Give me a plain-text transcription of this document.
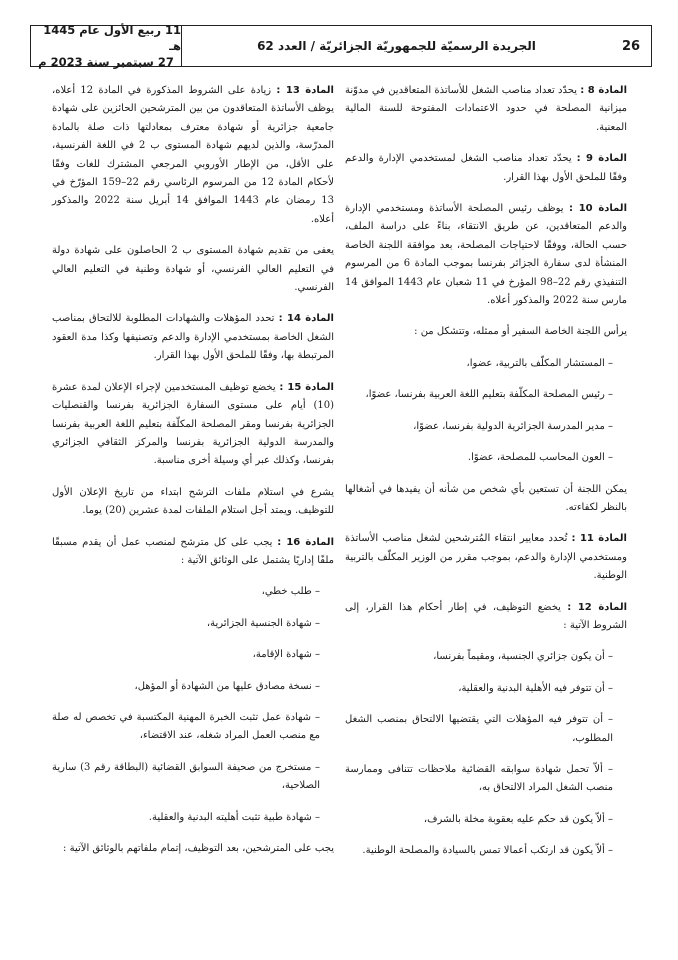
26
الجريدة الرسميّة للجمهوريّة الجزائريّة / العدد 62
11 ربيع الأول عام 1445 هـ
27 سبتمبر سنة 2023 م

المادة 8 : يحدّد تعداد مناصب الشغل للأساتذة المتعاقدين في مدوّنة ميزانية المصلحة في حدود الاعتمادات المفتوحة للسنة المالية المعنية.

المادة 9 : يحدّد تعداد مناصب الشغل لمستخدمي الإدارة والدعم وفقًا للملحق الأول بهذا القرار.

المادة 10 : يوظف رئيس المصلحة الأساتذة ومستخدمي الإدارة والدعم المتعاقدين، عن طريق الانتقاء، بناءً على دراسة الملف، حسب الحالة، ووفقًا لاحتياجات المصلحة، بعد موافقة اللجنة الخاصة المنشأة لدى سفارة الجزائر بفرنسا بموجب المادة 6 من المرسوم التنفيذي رقم 22–98 المؤرخ في 11 شعبان عام 1443 الموافق 14 مارس سنة 2022 والمذكور أعلاه.

يرأس اللجنة الخاصة السفير أو ممثله، وتتشكل من :

– المستشار المكلّف بالتربية، عضوا،

– رئيس المصلحة المكلّفة بتعليم اللغة العربية بفرنسا، عضوًا،

– مدير المدرسة الجزائرية الدولية بفرنسا، عضوًا،

– العون المحاسب للمصلحة، عضوًا.

يمكن اللجنة أن تستعين بأي شخص من شأنه أن يفيدها في أشغالها بالنظر لكفاءته.

المادة 11 : تُحدد معايير انتقاء المُترشحين لشغل مناصب الأساتذة ومستخدمي الإدارة والدعم، بموجب مقرر من الوزير المكلّف بالتربية الوطنية.

المادة 12 : يخضع التوظيف، في إطار أحكام هذا القرار، إلى الشروط الآتية :

– أن يكون جزائري الجنسية، ومقيماً بفرنسا،

– أن تتوفر فيه الأهلية البدنية والعقلية،

– أن تتوفر فيه المؤهلات التي يقتضيها الالتحاق بمنصب الشغل المطلوب،

– ألاّ تحمل شهادة سوابقه القضائية ملاحظات تتنافى وممارسة منصب الشغل المراد الالتحاق به،

– ألاّ يكون قد حكم عليه بعقوبة مخلة بالشرف،

– ألاّ يكون قد ارتكب أعمالا تمس بالسيادة والمصلحة الوطنية.

المادة 13 : زيادة على الشروط المذكورة في المادة 12 أعلاه، يوظف الأساتذة المتعاقدون من بين المترشحين الحائزين على شهادة جامعية جزائرية أو شهادة معترف بمعادلتها ذات صلة بالمادة المدرّسة، والذين لديهم شهادة المستوى ب 2 في اللغة الفرنسية، على الأقل، من الإطار الأوروبي المرجعي المشترك للغات وفقًا لأحكام المادة 12 من المرسوم الرئاسي رقم 22–159 المؤرّخ في 13 رمضان عام 1443 الموافق 14 أبريل سنة 2022 والمذكور أعلاه.

يعفى من تقديم شهادة المستوى ب 2 الحاصلون على شهادة دولة في التعليم العالي الفرنسي، أو شهادة وطنية في التعليم العالي الفرنسي.

المادة 14 : تحدد المؤهلات والشهادات المطلوبة للالتحاق بمناصب الشغل الخاصة بمستخدمي الإدارة والدعم وتصنيفها وكذا مدة العقود المرتبطة بها، وفقًا للملحق الأول بهذا القرار.

المادة 15 : يخضع توظيف المستخدمين لإجراء الإعلان لمدة عشرة (10) أيام على مستوى السفارة الجزائرية بفرنسا والقنصليات الجزائرية بفرنسا ومقر المصلحة المكلّفة بتعليم اللغة العربية بفرنسا والمدرسة الدولية الجزائرية بفرنسا والمركز الثقافي الجزائري بفرنسا، وكذلك عبر أي وسيلة أخرى مناسبة.

يشرع في استلام ملفات الترشح ابتداء من تاريخ الإعلان الأول للتوظيف. ويمتد أجل استلام الملفات لمدة عشرين (20) يوما.

المادة 16 : يجب على كل مترشح لمنصب عمل أن يقدم مسبقًا ملفًا إداريًا يشتمل على الوثائق الآتية :

– طلب خطي،

– شهادة الجنسية الجزائرية،

– شهادة الإقامة،

– نسخة مصادق عليها من الشهادة أو المؤهل،

– شهادة عمل تثبت الخبرة المهنية المكتسبة في تخصص له صلة مع منصب العمل المراد شغله، عند الاقتضاء،

– مستخرج من صحيفة السوابق القضائية (البطاقة رقم 3) سارية الصلاحية،

– شهادة طبية تثبت أهليته البدنية والعقلية.

يجب على المترشحين، بعد التوظيف، إتمام ملفاتهم بالوثائق الآتية :
